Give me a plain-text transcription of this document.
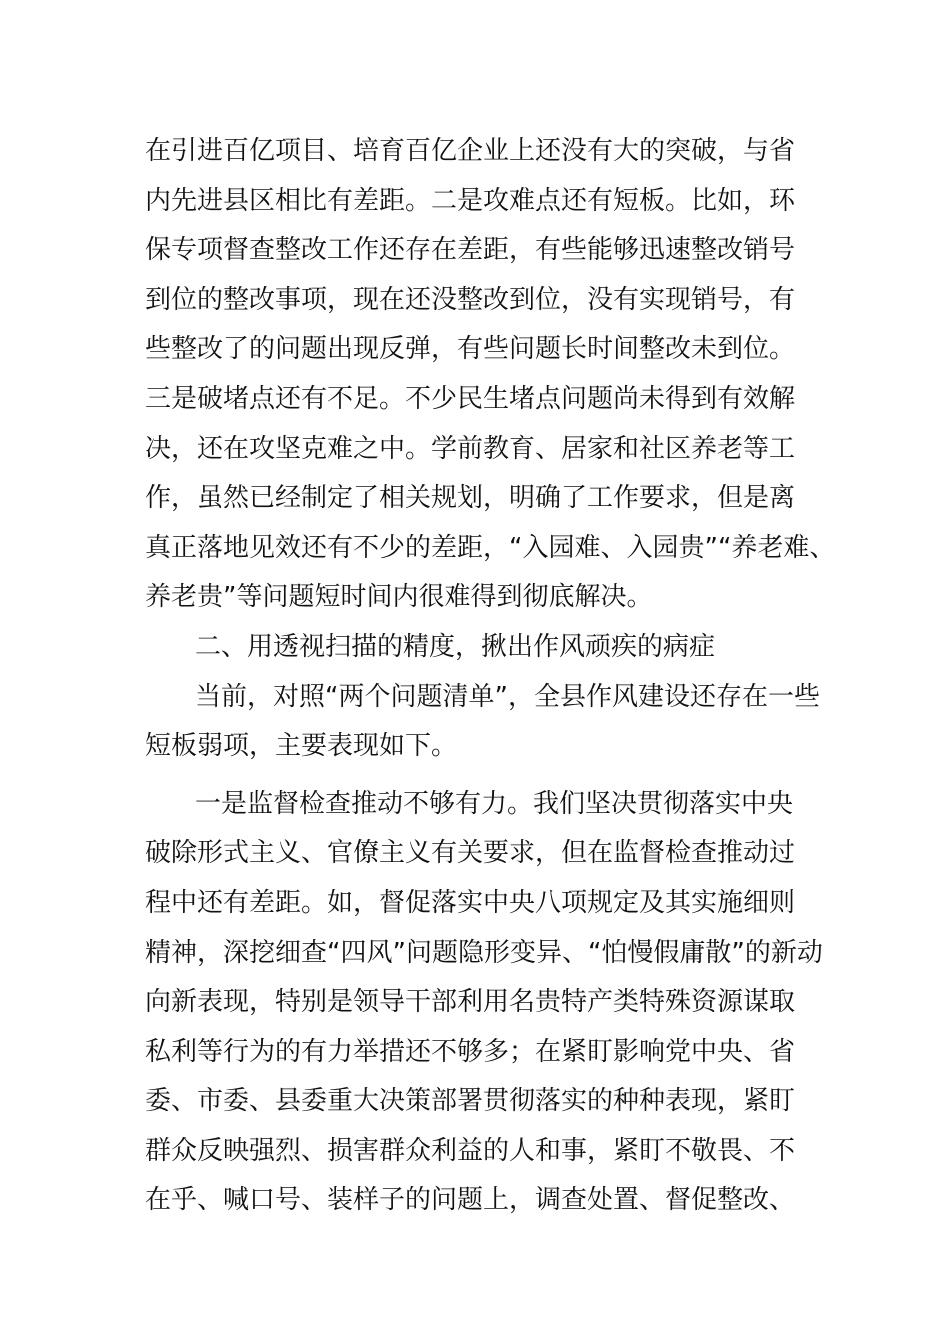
在引进百亿项目、培育百亿企业上还没有大的突破，与省
内先进县区相比有差距。二是攻难点还有短板。比如，环
保专项督查整改工作还存在差距，有些能够迅速整改销号
到位的整改事项，现在还没整改到位，没有实现销号，有
些整改了的问题出现反弹，有些问题长时间整改未到位。
三是破堵点还有不足。不少民生堵点问题尚未得到有效解
决，还在攻坚克难之中。学前教育、居家和社区养老等工
作，虽然已经制定了相关规划，明确了工作要求，但是离
真正落地见效还有不少的差距，“入园难、入园贵”“养老难、
养老贵”等问题短时间内很难得到彻底解决。
二、用透视扫描的精度，揪出作风顽疾的病症
当前，对照“两个问题清单”，全县作风建设还存在一些
短板弱项，主要表现如下。
一是监督检查推动不够有力。我们坚决贯彻落实中央
破除形式主义、官僚主义有关要求，但在监督检查推动过
程中还有差距。如，督促落实中央八项规定及其实施细则
精神，深挖细查“四风”问题隐形变异、“怕慢假庸散”的新动
向新表现，特别是领导干部利用名贵特产类特殊资源谋取
私利等行为的有力举措还不够多；在紧盯影响党中央、省
委、市委、县委重大决策部署贯彻落实的种种表现，紧盯
群众反映强烈、损害群众利益的人和事，紧盯不敬畏、不
在乎、喊口号、装样子的问题上，调查处置、督促整改、
